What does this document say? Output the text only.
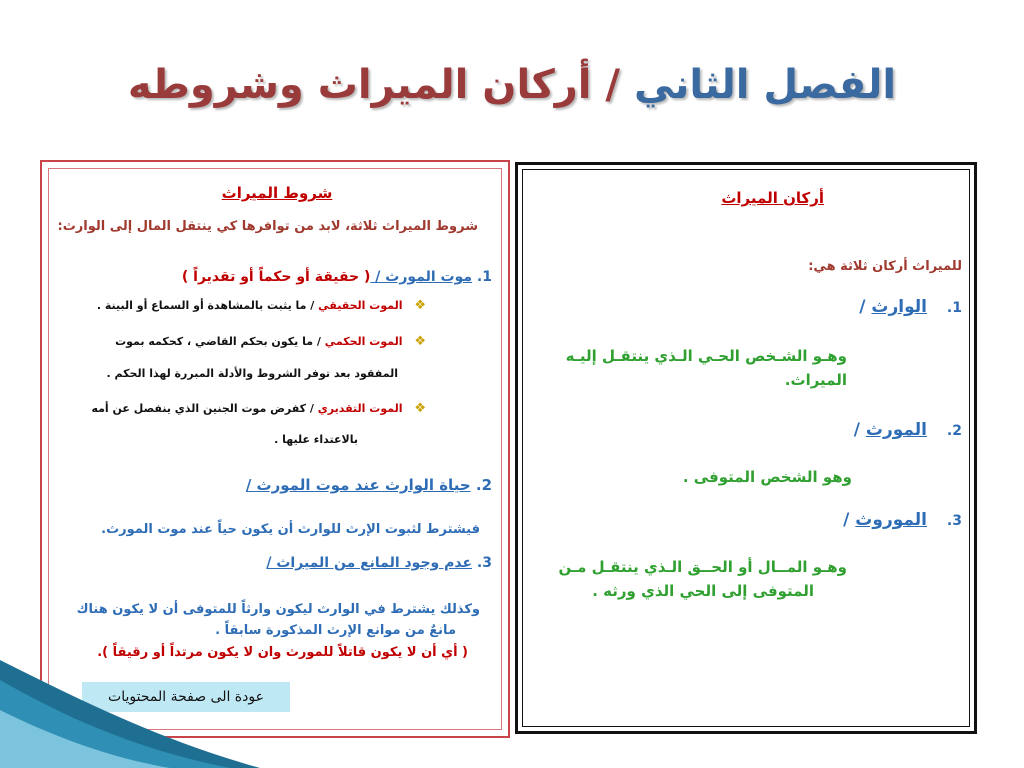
الفصل الثاني / أركان الميراث وشروطه
شروط الميراث
شروط الميراث ثلاثة، لابد من توافرها كي ينتقل المال إلى الوارث:
1. موت المورث / ( حقيقة أو حكماً أو تقديراً )
❖ الموت الحقيقي / ما يثبت بالمشاهدة أو السماع أو البينة .
❖ الموت الحكمي / ما يكون بحكم القاضي ، كحكمه بموت
المفقود بعد توفر الشروط والأدلة المبررة لهذا الحكم .
❖ الموت التقديري / كفرض موت الجنين الذي ينفصل عن أمه
بالاعتداء عليها .
2. حياة الوارث عند موت المورث /
فيشترط لثبوت الإرث للوارث أن يكون حياً عند موت المورث.
3. عدم وجود المانع من الميراث /
وكذلك يشترط في الوارث ليكون وارثاً للمتوفى أن لا يكون هناك
مانعٌ من موانع الإرث المذكورة سابقاً .
( أي أن لا يكون قاتلاً للمورث وان لا يكون مرتداً أو رقيقاً ).
عودة الى صفحة المحتويات
أركان الميراث
للميراث أركان ثلاثة هي:
1. الوارث /
وهـو الشـخص الحـي الـذي ينتقـل إليـه
الميراث.
2. المورث /
وهو الشخص المتوفى .
3. الموروث /
وهـو المــال أو الحــق الـذي ينتقـل مـن
المتوفى إلى الحي الذي ورثه .
